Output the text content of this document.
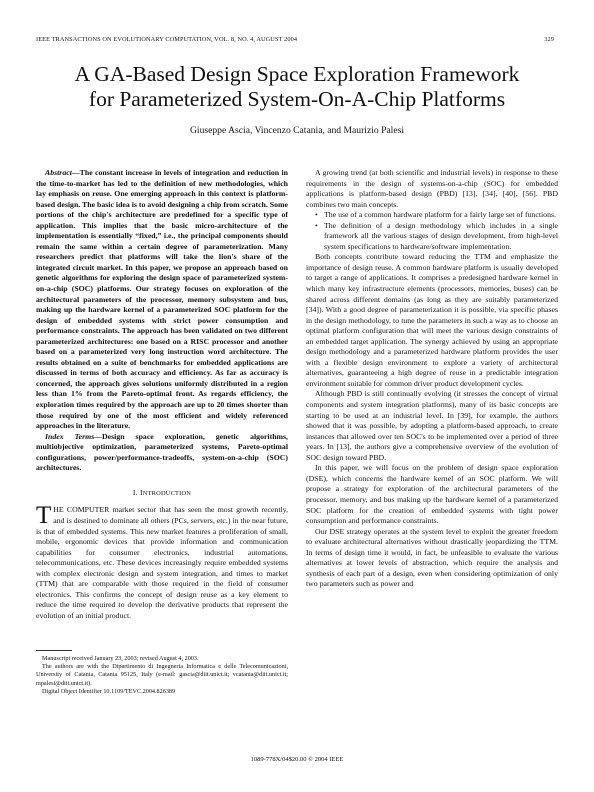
IEEE TRANSACTIONS ON EVOLUTIONARY COMPUTATION, VOL. 8, NO. 4, AUGUST 2004	329
A GA-Based Design Space Exploration Framework
for Parameterized System-On-A-Chip Platforms
Giuseppe Ascia, Vincenzo Catania, and Maurizio Palesi

Abstract—The constant increase in levels of integration and reduction in the time-to-market has led to the definition of new methodologies, which lay emphasis on reuse. One emerging approach in this context is platform-based design. The basic idea is to avoid designing a chip from scratch. Some portions of the chip's architecture are predefined for a specific type of application. This implies that the basic micro-architecture of the implementation is essentially “fixed,” i.e., the principal components should remain the same within a certain degree of parameterization. Many researchers predict that platforms will take the lion's share of the integrated circuit market. In this paper, we propose an approach based on genetic algorithms for exploring the design space of parameterized system-on-a-chip (SOC) platforms. Our strategy focuses on exploration of the architectural parameters of the processor, memory subsystem and bus, making up the hardware kernel of a parameterized SOC platform for the design of embedded systems with strict power consumption and performance constraints. The approach has been validated on two different parameterized architectures: one based on a RISC processor and another based on a parameterized very long instruction word architecture. The results obtained on a suite of benchmarks for embedded applications are discussed in terms of both accuracy and efficiency. As far as accuracy is concerned, the approach gives solutions uniformly distributed in a region less than 1% from the Pareto-optimal front. As regards efficiency, the exploration times required by the approach are up to 20 times shorter than those required by one of the most efficient and widely referenced approaches in the literature.

Index Terms—Design space exploration, genetic algorithms, multiobjective optimization, parameterized systems, Pareto-optimal configurations, power/performance-tradeoffs, system-on-a-chip (SOC) architectures.

I. INTRODUCTION

THE COMPUTER market sector that has seen the most growth recently, and is destined to dominate all others (PCs, servers, etc.) in the near future, is that of embedded systems. This new market features a proliferation of small, mobile, ergonomic devices that provide information and communication capabilities for consumer electronics, industrial automations, telecommunications, etc. These devices increasingly require embedded systems with complex electronic design and system integration, and times to market (TTM) that are comparable with those required in the field of consumer electronics. This confirms the concept of design reuse as a key element to reduce the time required to develop the derivative products that represent the evolution of an initial product.

Manuscript received January 23, 2003; revised August 4, 2003.

The authors are with the Dipartimento di Ingegneria Informatica e delle Telecomunicazioni, University of Catania, Catania 95125, Italy (e-mail: gascia@diit.unict.it; vcatania@diit.unict.it; mpalesi@diit.unict.it).

Digital Object Identifier 10.1109/TEVC.2004.826389

A growing trend (at both scientific and industrial levels) in response to these requirements in the design of systems-on-a-chip (SOC) for embedded applications is platform-based design (PBD) [13], [34], [40], [56]. PBD combines two main concepts.

• The use of a common hardware platform for a fairly large set of functions.
• The definition of a design methodology which includes in a single framework all the various stages of design development, from high-level system specifications to hardware/software implementation.

Both concepts contribute toward reducing the TTM and emphasize the importance of design reuse. A common hardware platform is usually developed to target a range of applications. It comprises a predesigned hardware kernel in which many key infrastructure elements (processors, memories, buses) can be shared across different domains (as long as they are suitably parameterized [34]). With a good degree of parameterization it is possible, via specific phases in the design methodology, to tune the parameters in such a way as to choose an optimal platform configuration that will meet the various design constraints of an embedded target application. The synergy achieved by using an appropriate design methodology and a parameterized hardware platform provides the user with a flexible design environment to explore a variety of architectural alternatives, guaranteeing a high degree of reuse in a predictable integration environment suitable for common driver product development cycles.

Although PBD is still continually evolving (it stresses the concept of virtual components and system integration platforms), many of its basic concepts are starting to be used at an industrial level. In [39], for example, the authors showed that it was possible, by adopting a platform-based approach, to create instances that allowed over ten SOC's to be implemented over a period of three years. In [13], the authors give a comprehensive overview of the evolution of SOC design toward PBD.

In this paper, we will focus on the problem of design space exploration (DSE), which concerns the hardware kernel of an SOC platform. We will propose a strategy for exploration of the architectural parameters of the processor, memory, and bus making up the hardware kernel of a parameterized SOC platform for the creation of embedded systems with tight power consumption and performance constraints.

Our DSE strategy operates at the system level to exploit the greater freedom to evaluate architectural alternatives without drastically jeopardizing the TTM. In terms of design time it would, in fact, be unfeasible to evaluate the various alternatives at lower levels of abstraction, which require the analysis and synthesis of each part of a design, even when considering optimization of only two parameters such as power and

1089-778X/04$20.00 © 2004 IEEE
